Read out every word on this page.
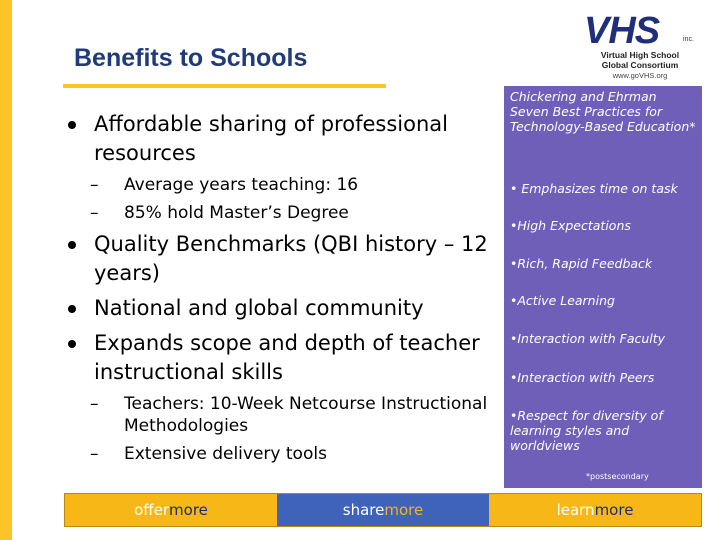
Benefits to Schools
VHS	inc.
Virtual High School
Global Consortium
www.goVHS.org
Affordable sharing of professional resources
– Average years teaching: 16
– 85% hold Master’s Degree
Quality Benchmarks (QBI history – 12 years)
National and global community
Expands scope and depth of teacher instructional skills
– Teachers: 10-Week Netcourse Instructional Methodologies
– Extensive delivery tools
Chickering and Ehrman Seven Best Practices for Technology-Based Education*
• Emphasizes time on task
•High Expectations
•Rich, Rapid Feedback
•Active Learning
•Interaction with Faculty
•Interaction with Peers
•Respect for diversity of learning styles and worldviews
*postsecondary
offer more	share more	learn more
